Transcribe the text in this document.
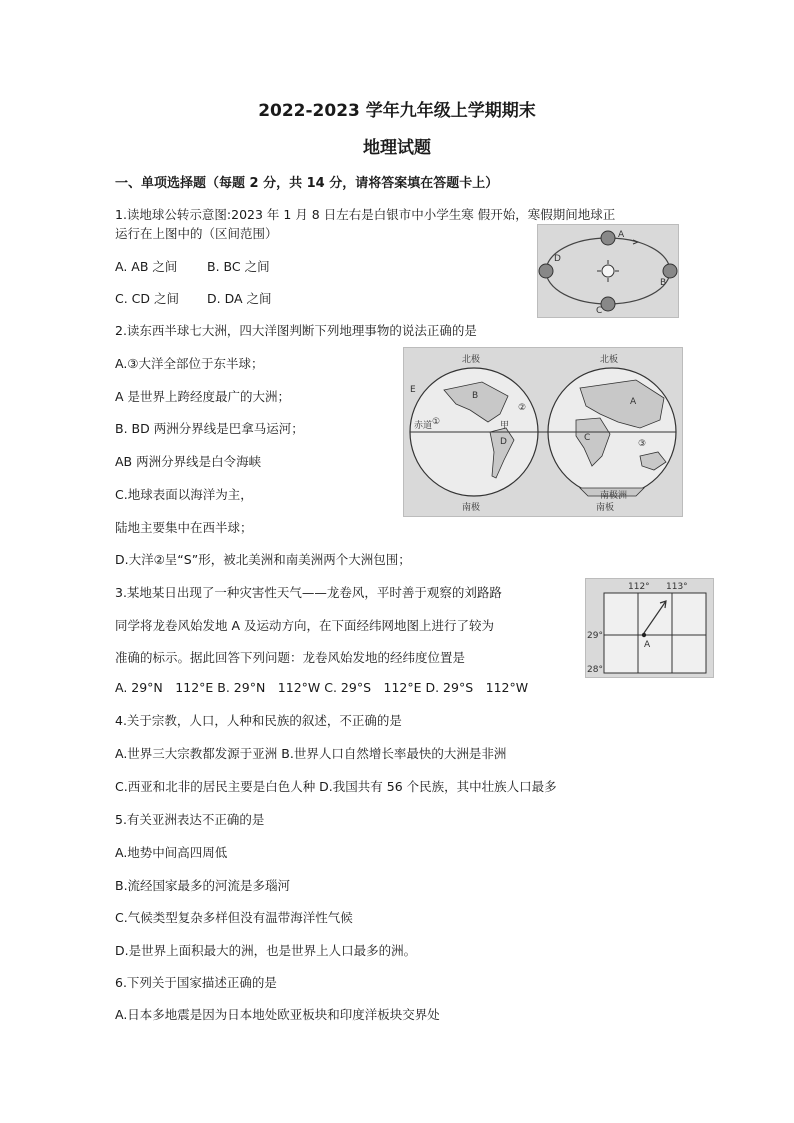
2022-2023 学年九年级上学期期末
地理试题
一、单项选择题（每题 2 分，共 14 分，请将答案填在答题卡上）
1.读地球公转示意图:2023 年 1 月 8 日左右是白银市中小学生寒 假开始，寒假期间地球正
运行在上图中的（区间范围）
A. AB 之间 B. BC 之间
C. CD 之间 D. DA 之间
A
B
C
D
2.读东西半球七大洲，四大洋图判断下列地理事物的说法正确的是
A.③大洋全部位于东半球；
A 是世界上跨经度最广的大洲；
B. BD 两洲分界线是巴拿马运河；
AB 两洲分界线是白令海峡
C.地球表面以海洋为主，
陆地主要集中在西半球；
D.大洋②呈“S”形，被北美洲和南美洲两个大洲包围；
北极	北板
南极	南板
南极洲
赤道	甲
E
①
②
③
B
D
A
C
3.某地某日出现了一种灾害性天气——龙卷风，平时善于观察的刘路路
同学将龙卷风始发地 A 及运动方向，在下面经纬网地图上进行了较为
准确的标示。据此回答下列问题：龙卷风始发地的经纬度位置是
A. 29°N　112°E B. 29°N　112°W C. 29°S　112°E D. 29°S　112°W
112° 113°
29°
28°
A
4.关于宗教，人口，人种和民族的叙述，不正确的是
A.世界三大宗教都发源于亚洲 B.世界人口自然增长率最快的大洲是非洲
C.西亚和北非的居民主要是白色人种 D.我国共有 56 个民族，其中壮族人口最多
5.有关亚洲表达不正确的是
A.地势中间高四周低
B.流经国家最多的河流是多瑙河
C.气候类型复杂多样但没有温带海洋性气候
D.是世界上面积最大的洲，也是世界上人口最多的洲。
6.下列关于国家描述正确的是
A.日本多地震是因为日本地处欧亚板块和印度洋板块交界处
